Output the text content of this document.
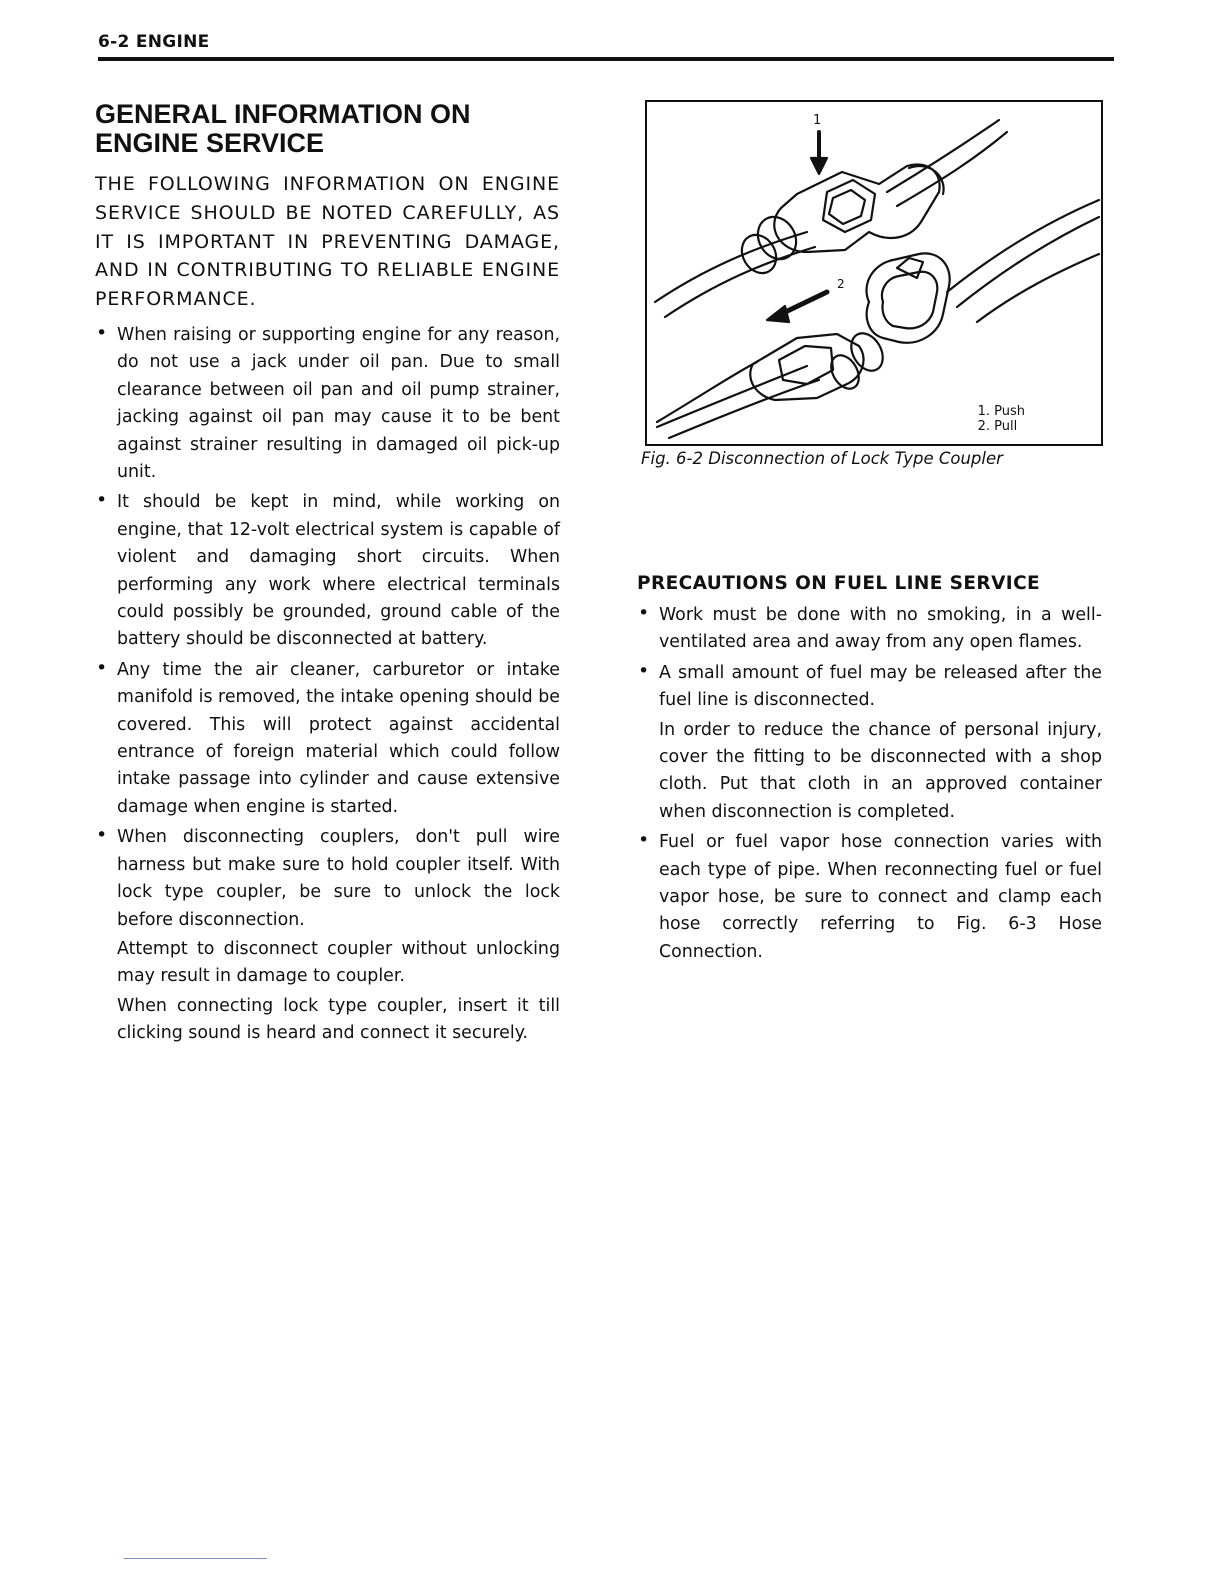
6-2 ENGINE
GENERAL INFORMATION ON
ENGINE SERVICE

THE FOLLOWING INFORMATION ON ENGINE SERVICE SHOULD BE NOTED CAREFULLY, AS IT IS IMPORTANT IN PREVENTING DAMAGE, AND IN CONTRIBUTING TO RELIABLE ENGINE PERFORMANCE.

• When raising or supporting engine for any reason, do not use a jack under oil pan. Due to small clearance between oil pan and oil pump strainer, jacking against oil pan may cause it to be bent against strainer resulting in damaged oil pick-up unit.

• It should be kept in mind, while working on engine, that 12-volt electrical system is capable of violent and damaging short circuits. When performing any work where electrical terminals could possibly be grounded, ground cable of the battery should be disconnected at battery.

• Any time the air cleaner, carburetor or intake manifold is removed, the intake opening should be covered. This will protect against accidental entrance of foreign material which could follow intake passage into cylinder and cause extensive damage when engine is started.

• When disconnecting couplers, don't pull wire harness but make sure to hold coupler itself. With lock type coupler, be sure to unlock the lock before disconnection.

Attempt to disconnect coupler without unlocking may result in damage to coupler.

When connecting lock type coupler, insert it till clicking sound is heard and connect it securely.

1
2
1. Push
2. Pull
Fig. 6-2 Disconnection of Lock Type Coupler
PRECAUTIONS ON FUEL LINE SERVICE

• Work must be done with no smoking, in a well-ventilated area and away from any open flames.

• A small amount of fuel may be released after the fuel line is disconnected.

In order to reduce the chance of personal injury, cover the fitting to be disconnected with a shop cloth. Put that cloth in an approved container when disconnection is completed.

• Fuel or fuel vapor hose connection varies with each type of pipe. When reconnecting fuel or fuel vapor hose, be sure to connect and clamp each hose correctly referring to Fig. 6-3 Hose Connection.
